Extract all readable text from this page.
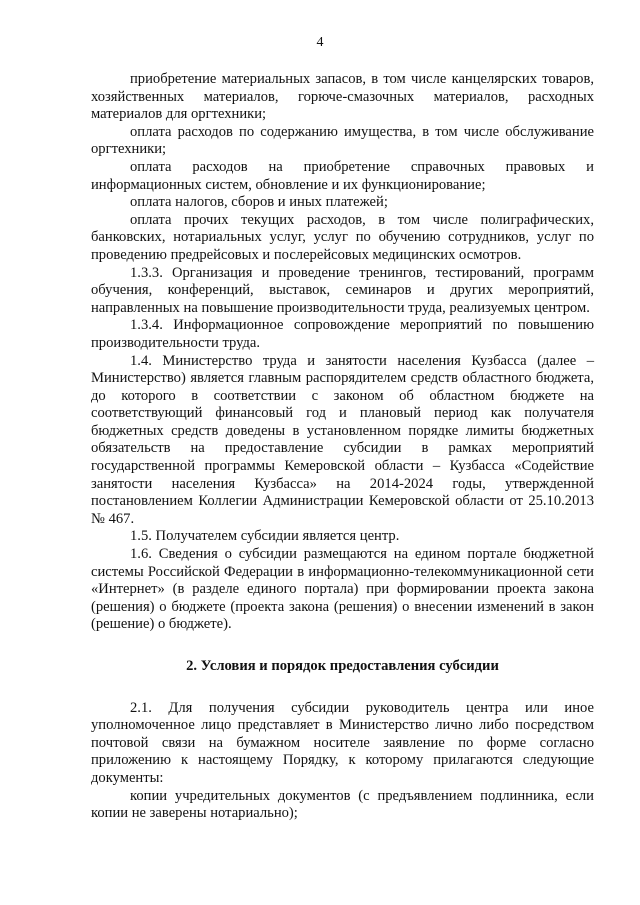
4

приобретение материальных запасов, в том числе канцелярских товаров, хозяйственных материалов, горюче-смазочных материалов, расходных материалов для оргтехники;

оплата расходов по содержанию имущества, в том числе обслуживание оргтехники;

оплата расходов на приобретение справочных правовых и информационных систем, обновление и их функционирование;

оплата налогов, сборов и иных платежей;

оплата прочих текущих расходов, в том числе полиграфических, банковских, нотариальных услуг, услуг по обучению сотрудников, услуг по проведению предрейсовых и послерейсовых медицинских осмотров.

1.3.3. Организация и проведение тренингов, тестирований, программ обучения, конференций, выставок, семинаров и других мероприятий, направленных на повышение производительности труда, реализуемых центром.

1.3.4. Информационное сопровождение мероприятий по повышению производительности труда.

1.4. Министерство труда и занятости населения Кузбасса (далее – Министерство) является главным распорядителем средств областного бюджета, до которого в соответствии с законом об областном бюджете на соответствующий финансовый год и плановый период как получателя бюджетных средств доведены в установленном порядке лимиты бюджетных обязательств на предоставление субсидии в рамках мероприятий государственной программы Кемеровской области – Кузбасса «Содействие занятости населения Кузбасса» на 2014-2024 годы, утвержденной постановлением Коллегии Администрации Кемеровской области от 25.10.2013 № 467.

1.5. Получателем субсидии является центр.

1.6. Сведения о субсидии размещаются на едином портале бюджетной системы Российской Федерации в информационно-телекоммуникационной сети «Интернет» (в разделе единого портала) при формировании проекта закона (решения) о бюджете (проекта закона (решения) о внесении изменений в закон (решение) о бюджете).

2. Условия и порядок предоставления субсидии

2.1. Для получения субсидии руководитель центра или иное уполномоченное лицо представляет в Министерство лично либо посредством почтовой связи на бумажном носителе заявление по форме согласно приложению к настоящему Порядку, к которому прилагаются следующие документы:

копии учредительных документов (с предъявлением подлинника, если копии не заверены нотариально);
